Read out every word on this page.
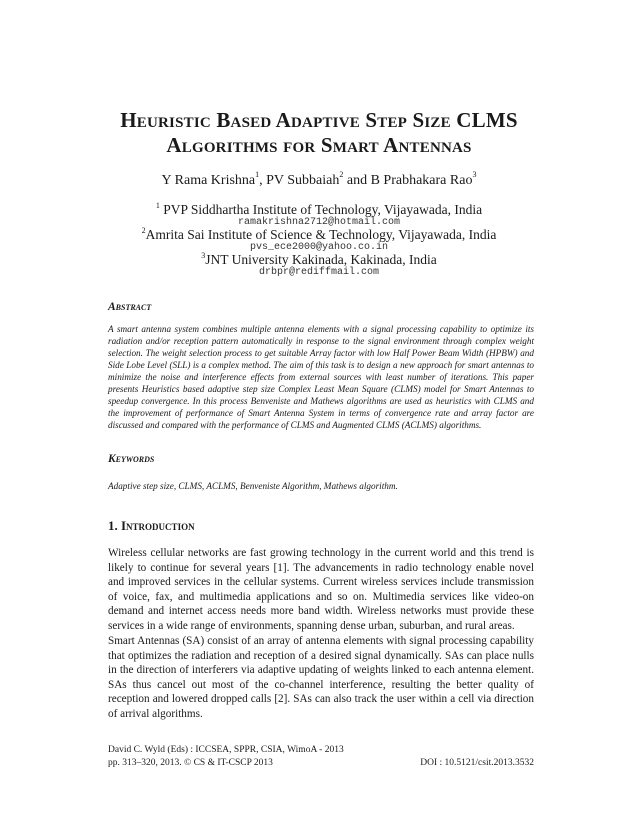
Heuristic Based Adaptive Step Size CLMS
Algorithms for Smart Antennas
Y Rama Krishna$^1$, PV Subbaiah$^2$ and B Prabhakara Rao$^3$
$^1$ PVP Siddhartha Institute of Technology, Vijayawada, India
ramakrishna2712@hotmail.com
$^2$Amrita Sai Institute of Science & Technology, Vijayawada, India
pvs_ece2000@yahoo.co.in
$^3$JNT University Kakinada, Kakinada, India
drbpr@rediffmail.com
Abstract
A smart antenna system combines multiple antenna elements with a signal processing capability to optimize its radiation and/or reception pattern automatically in response to the signal environment through complex weight selection. The weight selection process to get suitable Array factor with low Half Power Beam Width (HPBW) and Side Lobe Level (SLL) is a complex method. The aim of this task is to design a new approach for smart antennas to minimize the noise and interference effects from external sources with least number of iterations. This paper presents Heuristics based adaptive step size Complex Least Mean Square (CLMS) model for Smart Antennas to speedup convergence. In this process Benveniste and Mathews algorithms are used as heuristics with CLMS and the improvement of performance of Smart Antenna System in terms of convergence rate and array factor are discussed and compared with the performance of CLMS and Augmented CLMS (ACLMS) algorithms.
Keywords
Adaptive step size, CLMS, ACLMS, Benveniste Algorithm, Mathews algorithm.
1. Introduction
Wireless cellular networks are fast growing technology in the current world and this trend is likely to continue for several years [1]. The advancements in radio technology enable novel and improved services in the cellular systems. Current wireless services include transmission of voice, fax, and multimedia applications and so on. Multimedia services like video-on demand and internet access needs more band width. Wireless networks must provide these services in a wide range of environments, spanning dense urban, suburban, and rural areas.
Smart Antennas (SA) consist of an array of antenna elements with signal processing capability that optimizes the radiation and reception of a desired signal dynamically. SAs can place nulls in the direction of interferers via adaptive updating of weights linked to each antenna element. SAs thus cancel out most of the co-channel interference, resulting the better quality of reception and lowered dropped calls [2]. SAs can also track the user within a cell via direction of arrival algorithms.
David C. Wyld (Eds) : ICCSEA, SPPR, CSIA, WimoA - 2013
pp. 313–320, 2013. © CS & IT-CSCP 2013	DOI : 10.5121/csit.2013.3532
